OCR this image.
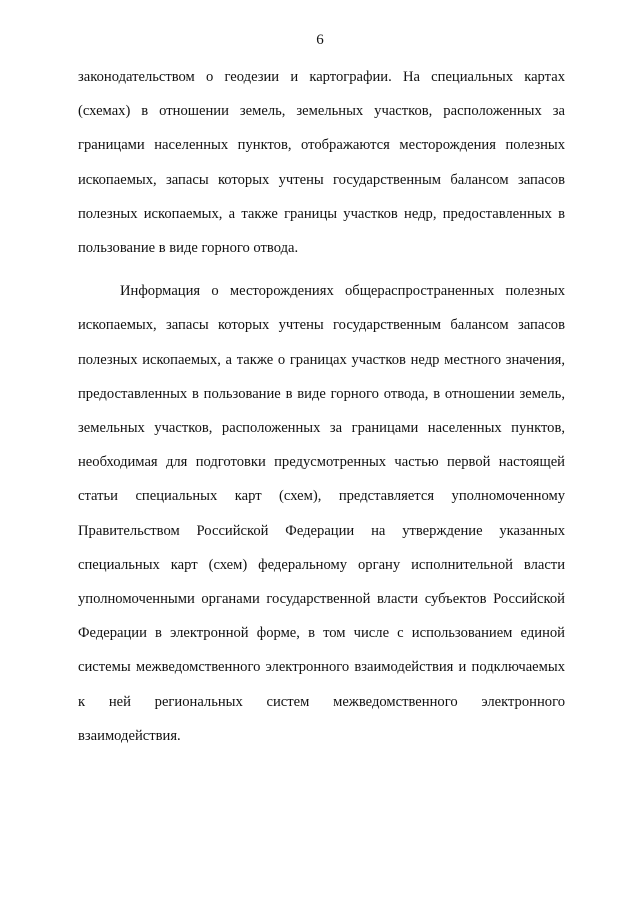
6

законодательством о геодезии и картографии. На специальных картах (схемах) в отношении земель, земельных участков, расположенных за границами населенных пунктов, отображаются месторождения полезных ископаемых, запасы которых учтены государственным балансом запасов полезных ископаемых, а также границы участков недр, предоставленных в пользование в виде горного отвода.

Информация о месторождениях общераспространенных полезных ископаемых, запасы которых учтены государственным балансом запасов полезных ископаемых, а также о границах участков недр местного значения, предоставленных в пользование в виде горного отвода, в отношении земель, земельных участков, расположенных за границами населенных пунктов, необходимая для подготовки предусмотренных частью первой настоящей статьи специальных карт (схем), представляется уполномоченному Правительством Российской Федерации на утверждение указанных специальных карт (схем) федеральному органу исполнительной власти уполномоченными органами государственной власти субъектов Российской Федерации в электронной форме, в том числе с использованием единой системы межведомственного электронного взаимодействия и подключаемых к ней региональных систем межведомственного электронного взаимодействия.
